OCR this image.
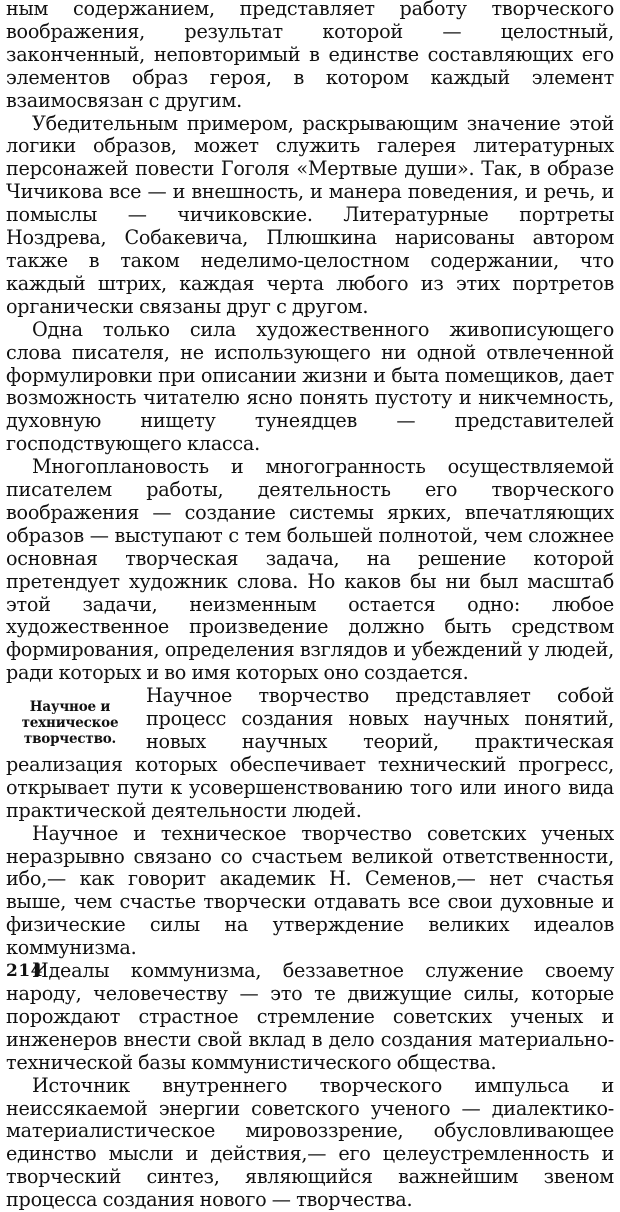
ным содержанием, представляет работу творческого воображения, результат которой — целостный, законченный, неповторимый в единстве составляющих его элементов образ героя, в котором каждый элемент взаимосвязан с другим.

Убедительным примером, раскрывающим значение этой логики образов, может служить галерея литературных персонажей повести Гоголя «Мертвые души». Так, в образе Чичикова все — и внешность, и манера поведения, и речь, и помыслы — чичиковские. Литературные портреты Ноздрева, Собакевича, Плюшкина нарисованы автором также в таком неделимо-целостном содержании, что каждый штрих, каждая черта любого из этих портретов органически связаны друг с другом.

Одна только сила художественного живописующего слова писателя, не использующего ни одной отвлеченной формулировки при описании жизни и быта помещиков, дает возможность читателю ясно понять пустоту и никчемность, духовную нищету тунеядцев — представителей господствующего класса.

Многоплановость и многогранность осуществляемой писателем работы, деятельность его творческого воображения — создание системы ярких, впечатляющих образов — выступают с тем большей полнотой, чем сложнее основная творческая задача, на решение которой претендует художник слова. Но каков бы ни был масштаб этой задачи, неизменным остается одно: любое художественное произведение должно быть средством формирования, определения взглядов и убеждений у людей, ради которых и во имя которых оно создается.

Научное и техническое творчество.

Научное творчество представляет собой процесс создания новых научных понятий, новых научных теорий, практическая реализация которых обеспечивает технический прогресс, открывает пути к усовершенствованию того или иного вида практической деятельности людей.

Научное и техническое творчество советских ученых неразрывно связано со счастьем великой ответственности, ибо,— как говорит академик Н. Семенов,— нет счастья выше, чем счастье творчески отдавать все свои духовные и физические силы на утверждение великих идеалов коммунизма.

Идеалы коммунизма, беззаветное служение своему народу, человечеству — это те движущие силы, которые порождают страстное стремление советских ученых и инженеров внести свой вклад в дело создания материально-технической базы коммунистического общества.

Источник внутреннего творческого импульса и неиссякаемой энергии советского ученого — диалектико-материалистическое мировоззрение, обусловливающее единство мысли и действия,— его целеустремленность и творческий синтез, являющийся важнейшим звеном процесса создания нового — творчества.

214
